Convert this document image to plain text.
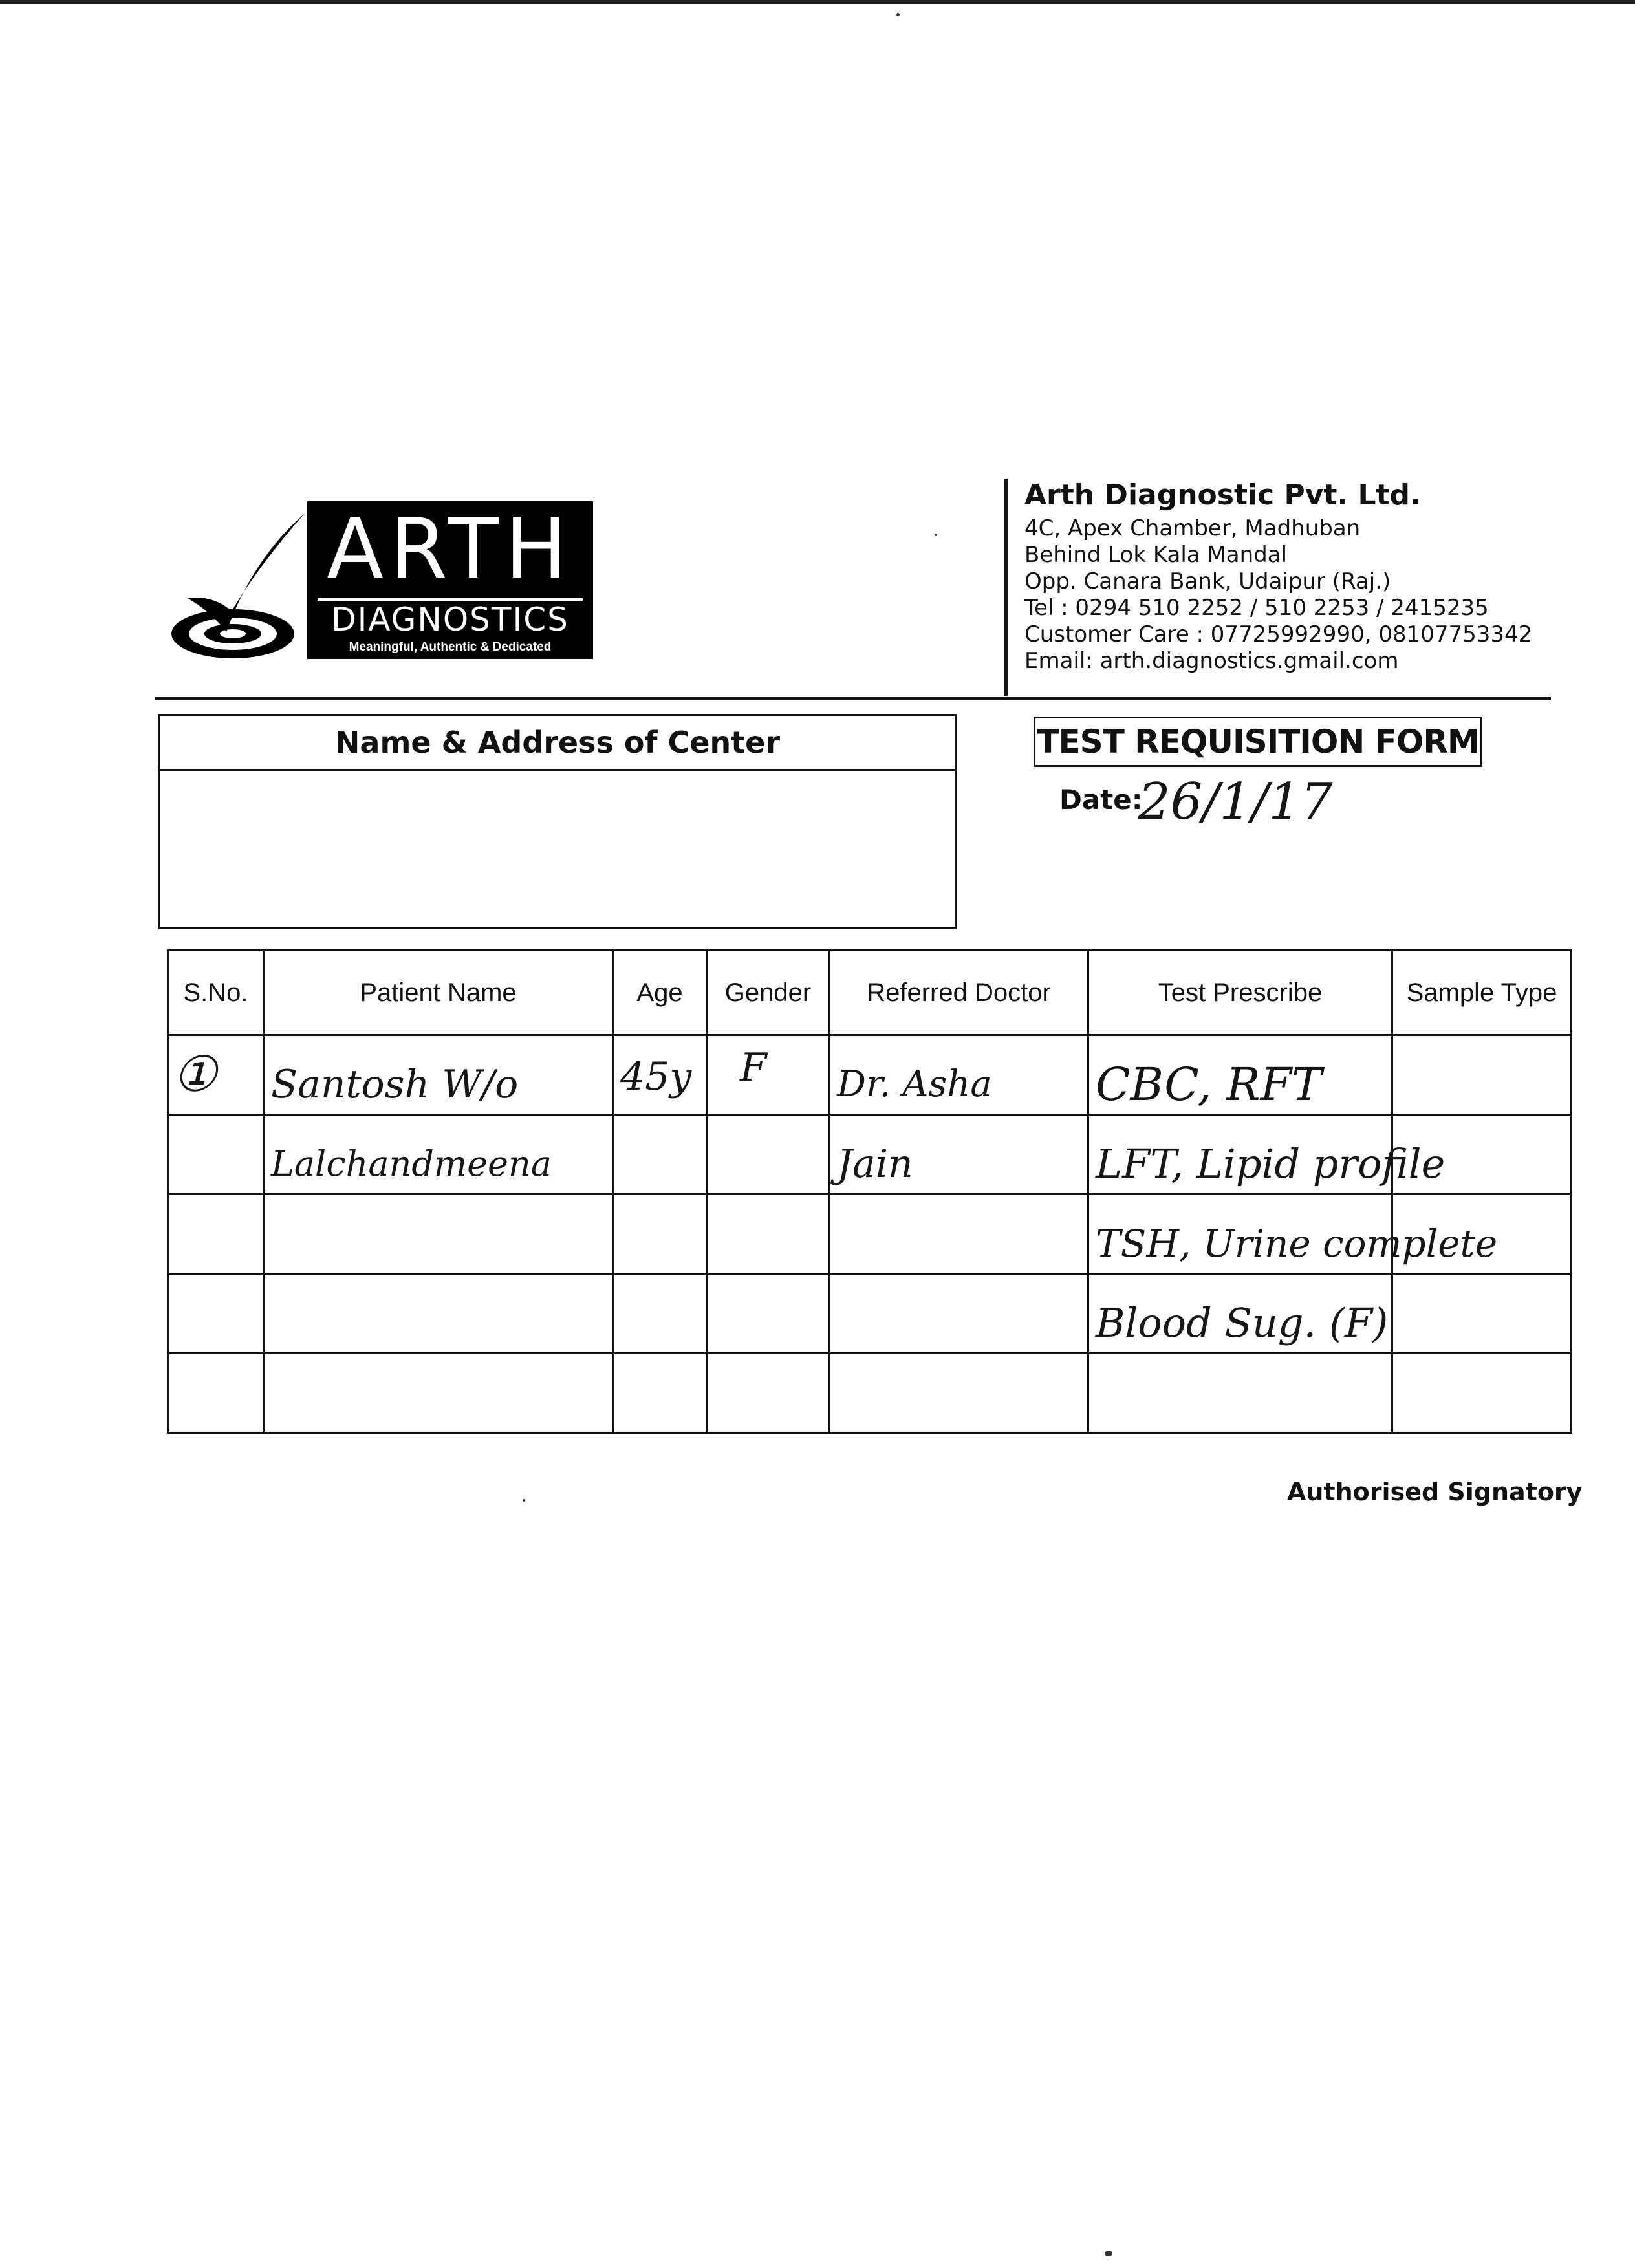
ARTH
DIAGNOSTICS
Meaningful, Authentic & Dedicated
Arth Diagnostic Pvt. Ltd.
4C, Apex Chamber, Madhuban
Behind Lok Kala Mandal
Opp. Canara Bank, Udaipur (Raj.)
Tel : 0294 510 2252 / 510 2253 / 2415235
Customer Care : 07725992990, 08107753342
Email: arth.diagnostics.gmail.com
Name & Address of Center	TEST REQUISITION FORM
Date:
26/1/17
S.No.	Patient Name	Age	Gender	Referred Doctor	Test Prescribe	Sample Type

①	Santosh W/o	45y	F	Dr. Asha	CBC, RFT	

	Lalchandmeena			Jain	LFT, Lipid profile	

					TSH, Urine complete	

					Blood Sug. (F)	

Authorised Signatory
